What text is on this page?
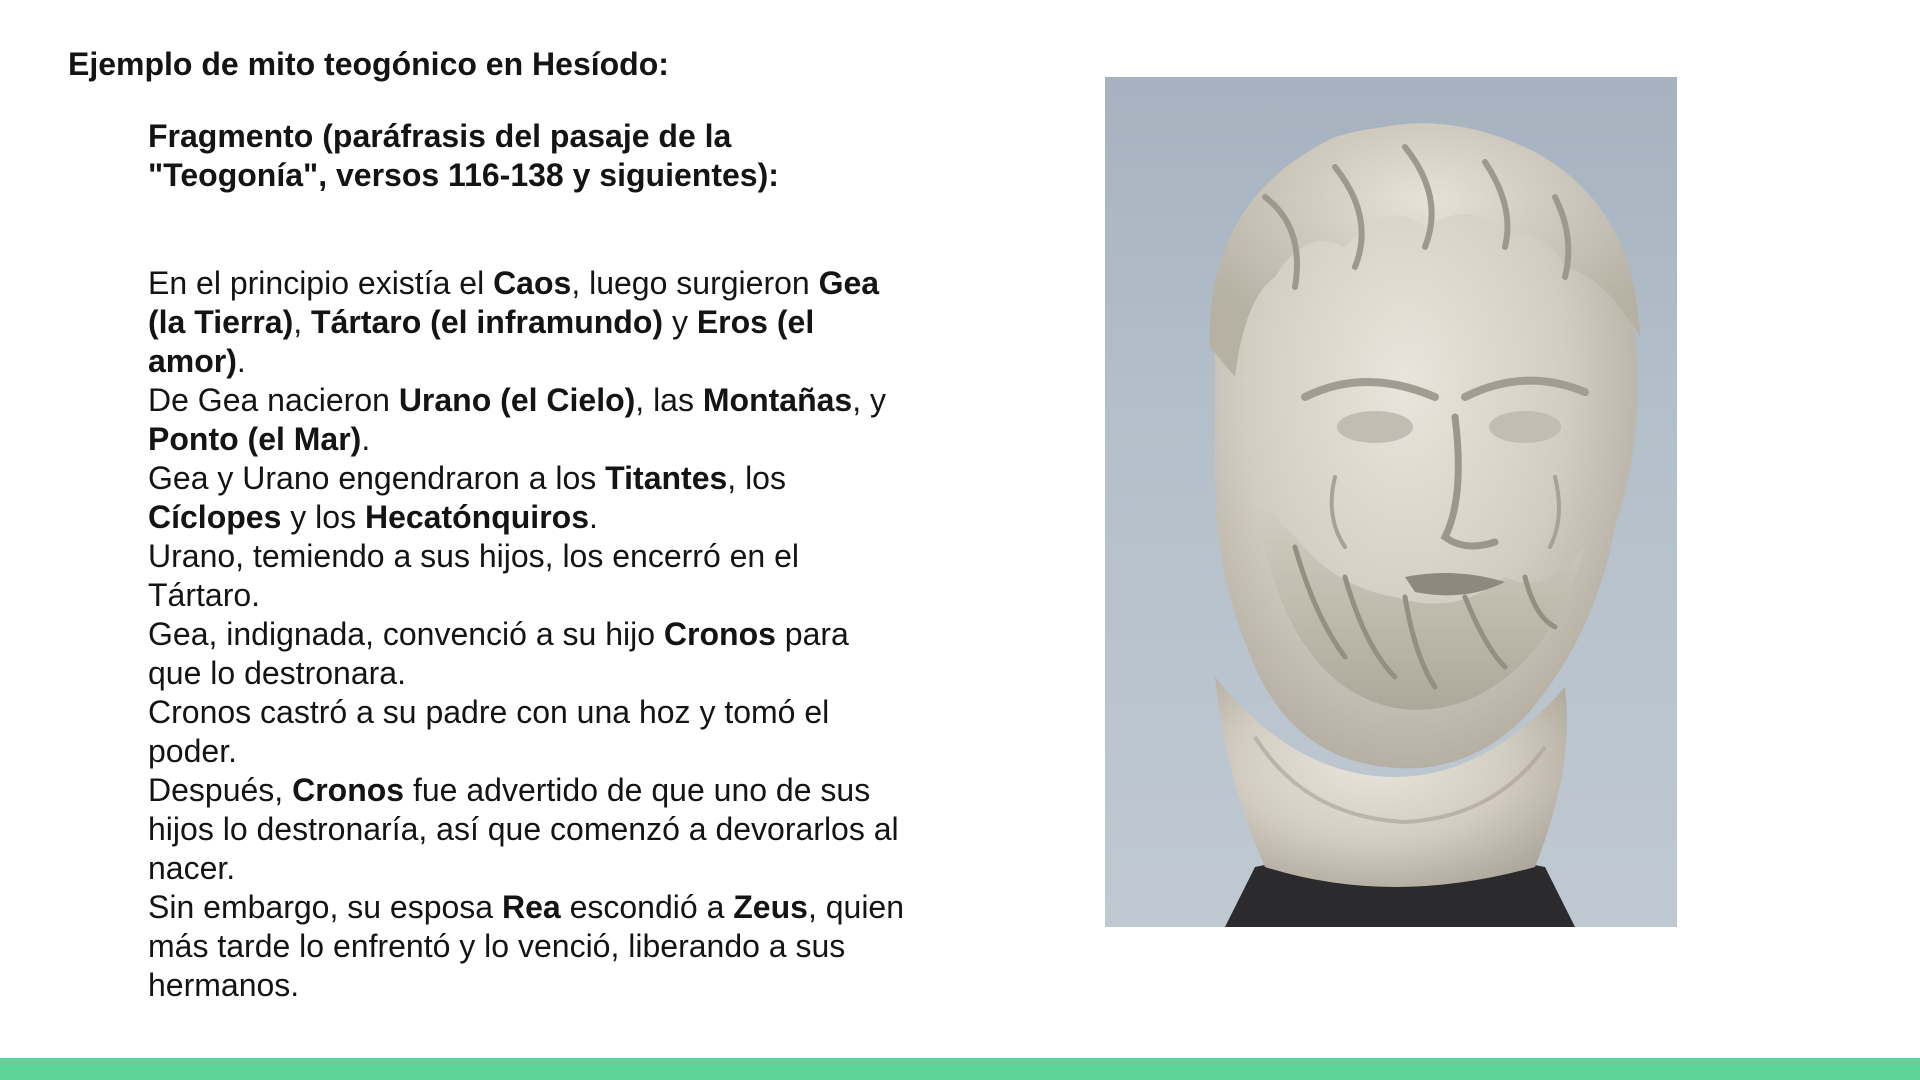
Ejemplo de mito teogónico en Hesíodo:
Fragmento (paráfrasis del pasaje de la "Teogonía", versos 116-138 y siguientes):

En el principio existía el Caos, luego surgieron Gea (la Tierra), Tártaro (el inframundo) y Eros (el amor).

De Gea nacieron Urano (el Cielo), las Montañas, y Ponto (el Mar).

Gea y Urano engendraron a los Titantes, los Cíclopes y los Hecatónquiros.

Urano, temiendo a sus hijos, los encerró en el Tártaro.

Gea, indignada, convenció a su hijo Cronos para que lo destronara.

Cronos castró a su padre con una hoz y tomó el poder.

Después, Cronos fue advertido de que uno de sus hijos lo destronaría, así que comenzó a devorarlos al nacer.

Sin embargo, su esposa Rea escondió a Zeus, quien más tarde lo enfrentó y lo venció, liberando a sus hermanos.
